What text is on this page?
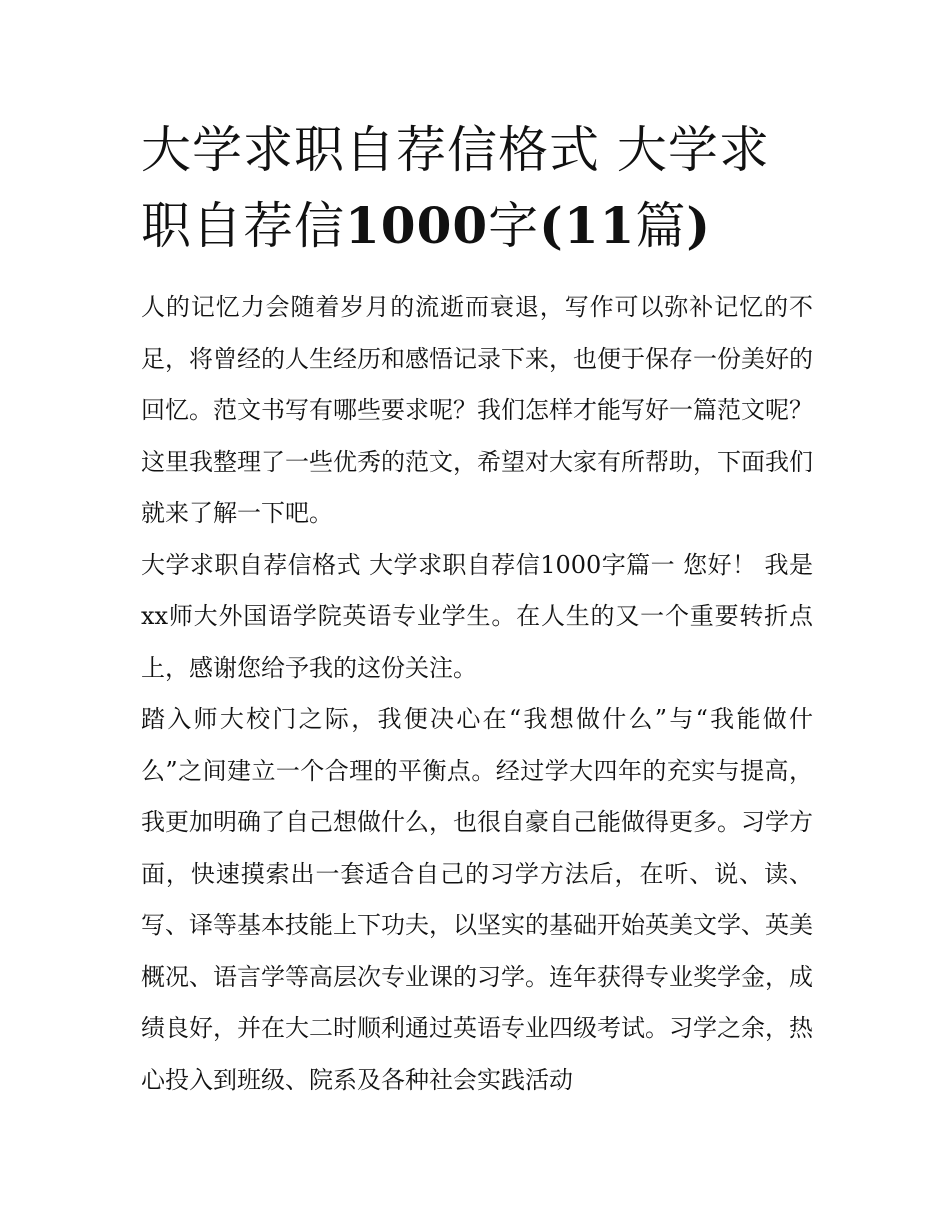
大学求职自荐信格式 大学求职自荐信1000字(11篇)

人的记忆力会随着岁月的流逝而衰退，写作可以弥补记忆的不足，将曾经的人生经历和感悟记录下来，也便于保存一份美好的回忆。范文书写有哪些要求呢？我们怎样才能写好一篇范文呢？这里我整理了一些优秀的范文，希望对大家有所帮助，下面我们就来了解一下吧。

大学求职自荐信格式 大学求职自荐信1000字篇一 您好！ 我是xx师大外国语学院英语专业学生。在人生的又一个重要转折点上，感谢您给予我的这份关注。

踏入师大校门之际，我便决心在“我想做什么”与“我能做什么”之间建立一个合理的平衡点。经过学大四年的充实与提高，我更加明确了自己想做什么，也很自豪自己能做得更多。习学方面，快速摸索出一套适合自己的习学方法后，在听、说、读、写、译等基本技能上下功夫，以坚实的基础开始英美文学、英美概况、语言学等高层次专业课的习学。连年获得专业奖学金，成绩良好，并在大二时顺利通过英语专业四级考试。习学之余，热心投入到班级、院系及各种社会实践活动
